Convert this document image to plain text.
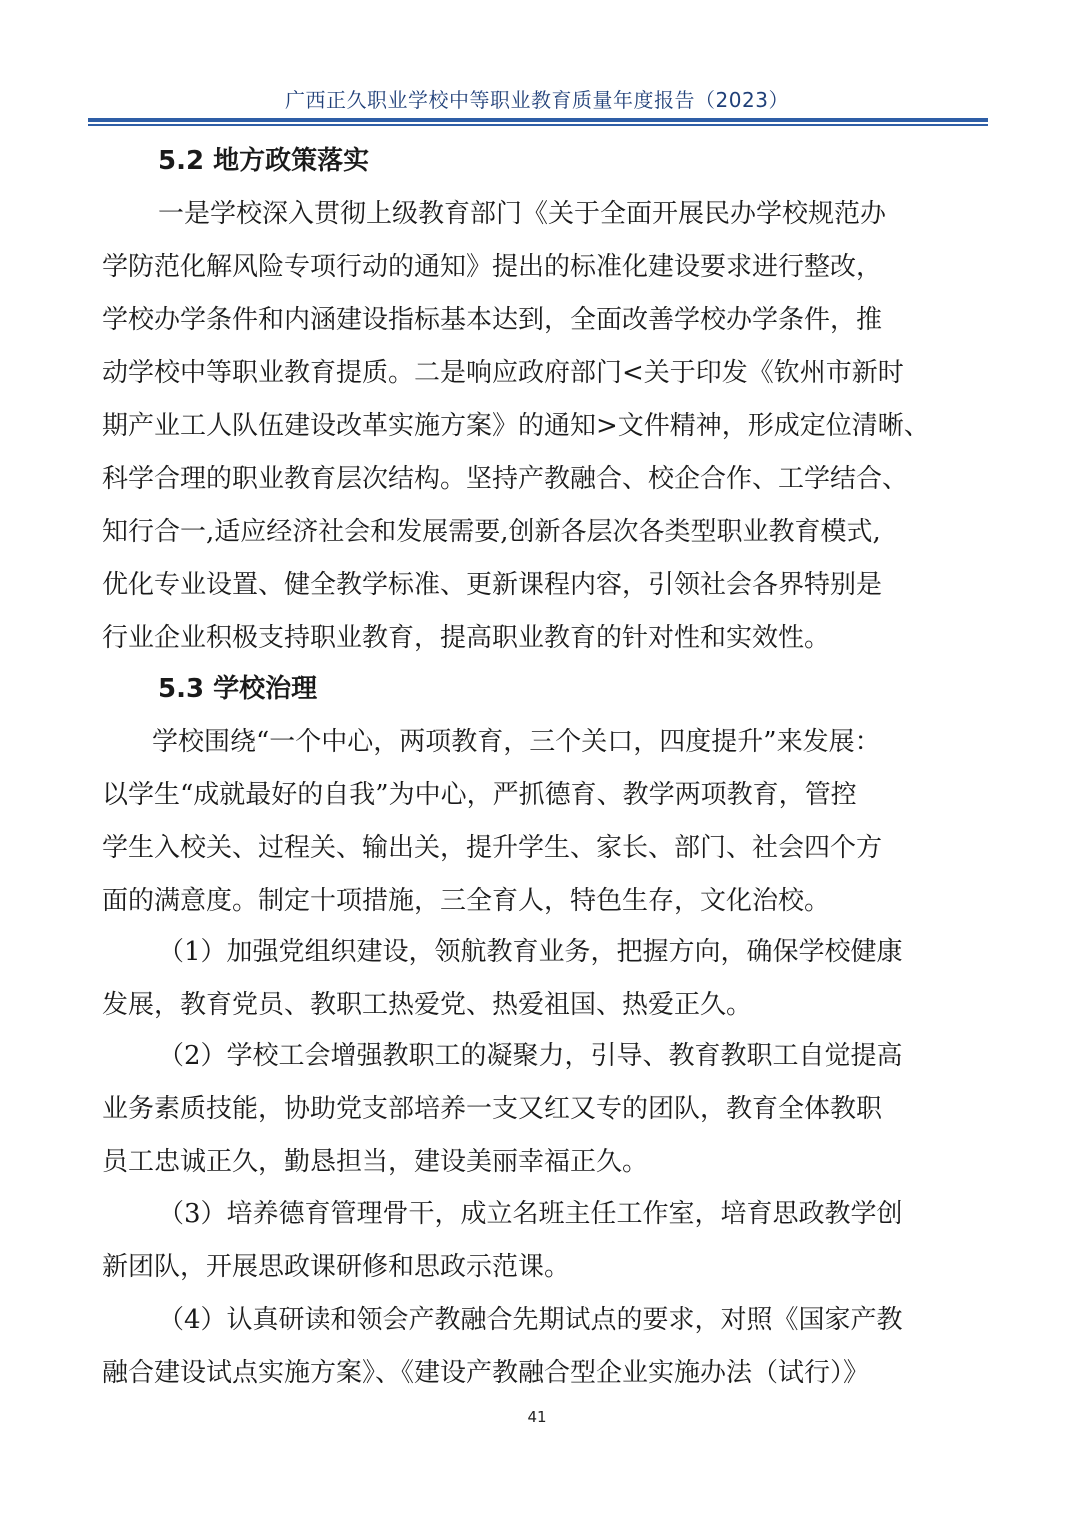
广西正久职业学校中等职业教育质量年度报告（2023）
5.2 地方政策落实
一是学校深入贯彻上级教育部门《关于全面开展民办学校规范办
学防范化解风险专项行动的通知》提出的标准化建设要求进行整改，
学校办学条件和内涵建设指标基本达到，全面改善学校办学条件，推
动学校中等职业教育提质。二是响应政府部门<关于印发《钦州市新时
期产业工人队伍建设改革实施方案》的通知>文件精神，形成定位清晰、
科学合理的职业教育层次结构。坚持产教融合、校企合作、工学结合、
知行合一,适应经济社会和发展需要,创新各层次各类型职业教育模式,
优化专业设置、健全教学标准、更新课程内容，引领社会各界特别是
行业企业积极支持职业教育，提高职业教育的针对性和实效性。
5.3 学校治理
学校围绕“一个中心，两项教育，三个关口，四度提升”来发展：
以学生“成就最好的自我”为中心，严抓德育、教学两项教育，管控
学生入校关、过程关、输出关，提升学生、家长、部门、社会四个方
面的满意度。制定十项措施，三全育人，特色生存，文化治校。
（1）加强党组织建设，领航教育业务，把握方向，确保学校健康
发展，教育党员、教职工热爱党、热爱祖国、热爱正久。
（2）学校工会增强教职工的凝聚力，引导、教育教职工自觉提高
业务素质技能，协助党支部培养一支又红又专的团队，教育全体教职
员工忠诚正久，勤恳担当，建设美丽幸福正久。
（3）培养德育管理骨干，成立名班主任工作室，培育思政教学创
新团队，开展思政课研修和思政示范课。
（4）认真研读和领会产教融合先期试点的要求，对照《国家产教
融合建设试点实施方案》、《建设产教融合型企业实施办法（试行）》
41
